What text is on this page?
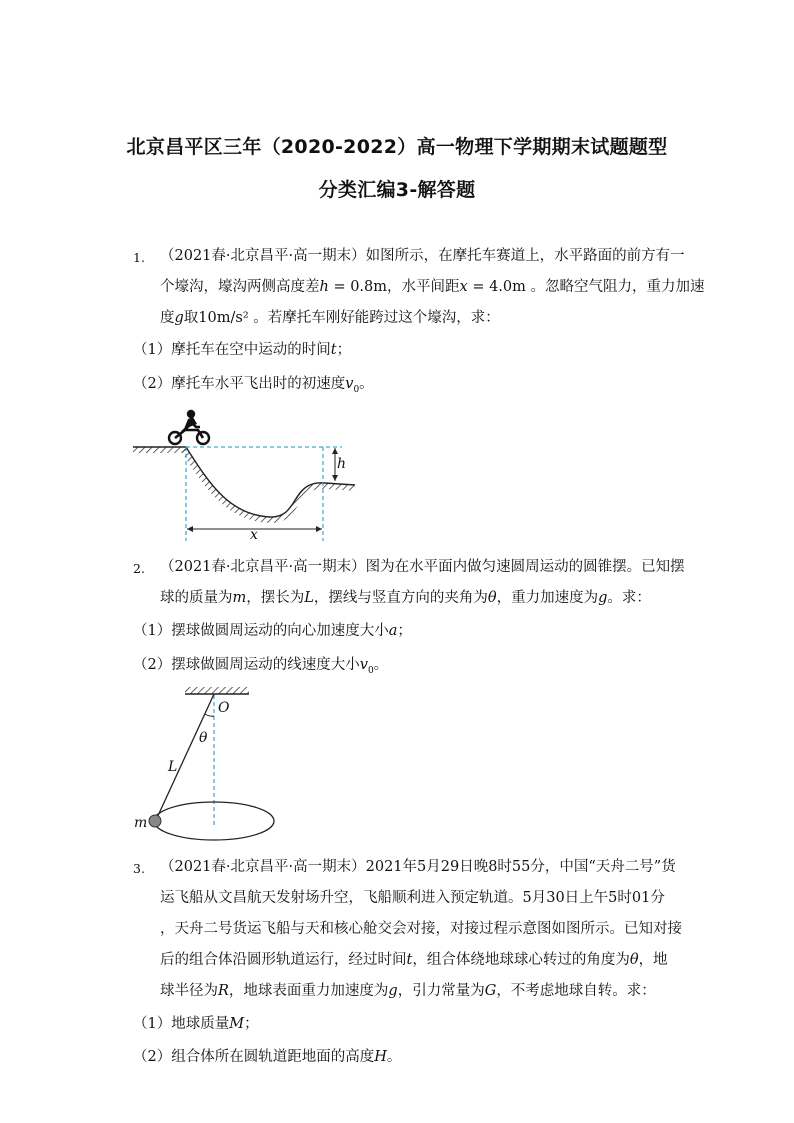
北京昌平区三年（2020-2022）高一物理下学期期末试题题型
分类汇编3-解答题
1. （2021春·北京昌平·高一期末）如图所示，在摩托车赛道上，水平路面的前方有一
个壕沟，壕沟两侧高度差h = 0.8m，水平间距x = 4.0m 。忽略空气阻力，重力加速
度g取10m/s² 。若摩托车刚好能跨过这个壕沟，求：
（1）摩托车在空中运动的时间t；
（2）摩托车水平飞出时的初速度$v_0$。
h
x
2. （2021春·北京昌平·高一期末）图为在水平面内做匀速圆周运动的圆锥摆。已知摆
球的质量为m，摆长为L，摆线与竖直方向的夹角为θ，重力加速度为g。求：
（1）摆球做圆周运动的向心加速度大小a；
（2）摆球做圆周运动的线速度大小$v_0$。
O
θ
L
m
3. （2021春·北京昌平·高一期末）2021年5月29日晚8时55分，中国“天舟二号”货
运飞船从文昌航天发射场升空，飞船顺利进入预定轨道。5月30日上午5时01分
，天舟二号货运飞船与天和核心舱交会对接，对接过程示意图如图所示。已知对接
后的组合体沿圆形轨道运行，经过时间t，组合体绕地球球心转过的角度为θ，地
球半径为R，地球表面重力加速度为g，引力常量为G，不考虑地球自转。求：
（1）地球质量M；
（2）组合体所在圆轨道距地面的高度H。
